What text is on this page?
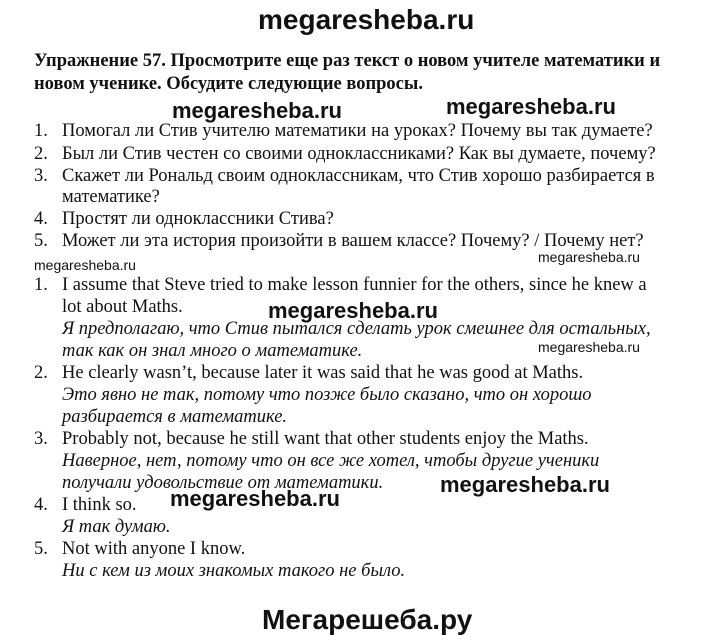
megaresheba.ru
megaresheba.ru	megaresheba.ru
megaresheba.ru	megaresheba.ru
megaresheba.ru
megaresheba.ru
megaresheba.ru
megaresheba.ru
Мегарешеба.ру
Упражнение 57. Просмотрите еще раз текст о новом учителе математики и
новом ученике. Обсудите следующие вопросы.
1. Помогал ли Стив учителю математики на уроках? Почему вы так думаете?
2. Был ли Стив честен со своими одноклассниками? Как вы думаете, почему?
3. Скажет ли Рональд своим одноклассникам, что Стив хорошо разбирается в
математике?
4. Простят ли одноклассники Стива?
5. Может ли эта история произойти в вашем классе? Почему? / Почему нет?
1. I assume that Steve tried to make lesson funnier for the others, since he knew a
lot about Maths.
Я предполагаю, что Стив пытался сделать урок смешнее для остальных,
так как он знал много о математике.
2. He clearly wasn’t, because later it was said that he was good at Maths.
Это явно не так, потому что позже было сказано, что он хорошо
разбирается в математике.
3. Probably not, because he still want that other students enjoy the Maths.
Наверное, нет, потому что он все же хотел, чтобы другие ученики
получали удовольствие от математики.
4. I think so.
Я так думаю.
5. Not with anyone I know.
Ни с кем из моих знакомых такого не было.
